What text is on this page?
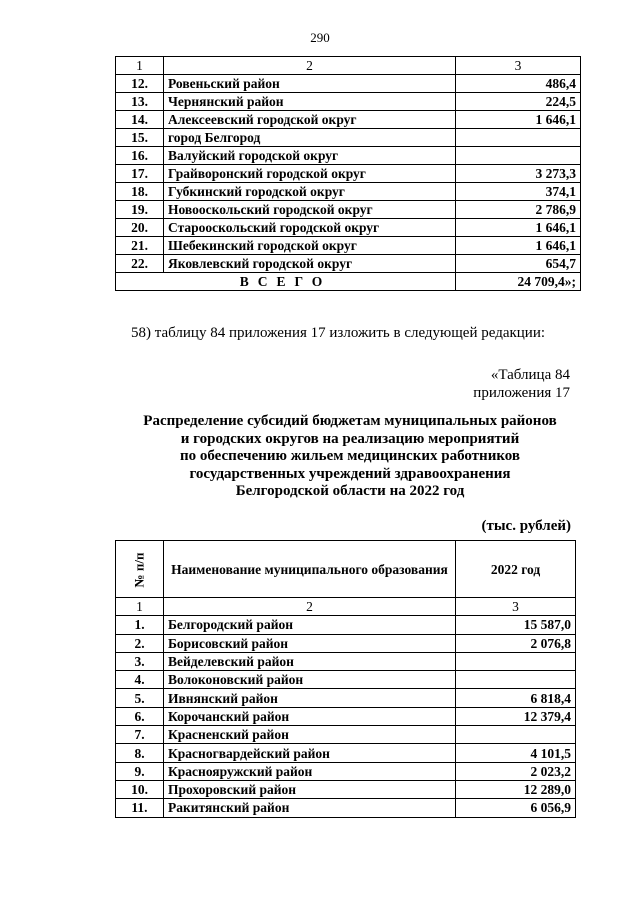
290
1	2	3
12.	Ровеньский район	486,4
13.	Чернянский район	224,5
14.	Алексеевский городской округ	1 646,1
15.	город Белгород	
16.	Валуйский городской округ	
17.	Грайворонский городской округ	3 273,3
18.	Губкинский городской округ	374,1
19.	Новооскольский городской округ	2 786,9
20.	Старооскольский городской округ	1 646,1
21.	Шебекинский городской округ	1 646,1
22.	Яковлевский городской округ	654,7
ВСЕГО		24 709,4»;
58) таблицу 84 приложения 17 изложить в следующей редакции:
«Таблица 84
приложения 17
Распределение субсидий бюджетам муниципальных районов
и городских округов на реализацию мероприятий
по обеспечению жильем медицинских работников
государственных учреждений здравоохранения
Белгородской области на 2022 год
(тыс. рублей)
№ п/п	Наименование муниципального образования	2022 год
1	2	3
1.	Белгородский район	15 587,0
2.	Борисовский район	2 076,8
3.	Вейделевский район	
4.	Волоконовский район	
5.	Ивнянский район	6 818,4
6.	Корочанский район	12 379,4
7.	Красненский район	
8.	Красногвардейский район	4 101,5
9.	Краснояружский район	2 023,2
10.	Прохоровский район	12 289,0
11.	Ракитянский район	6 056,9
